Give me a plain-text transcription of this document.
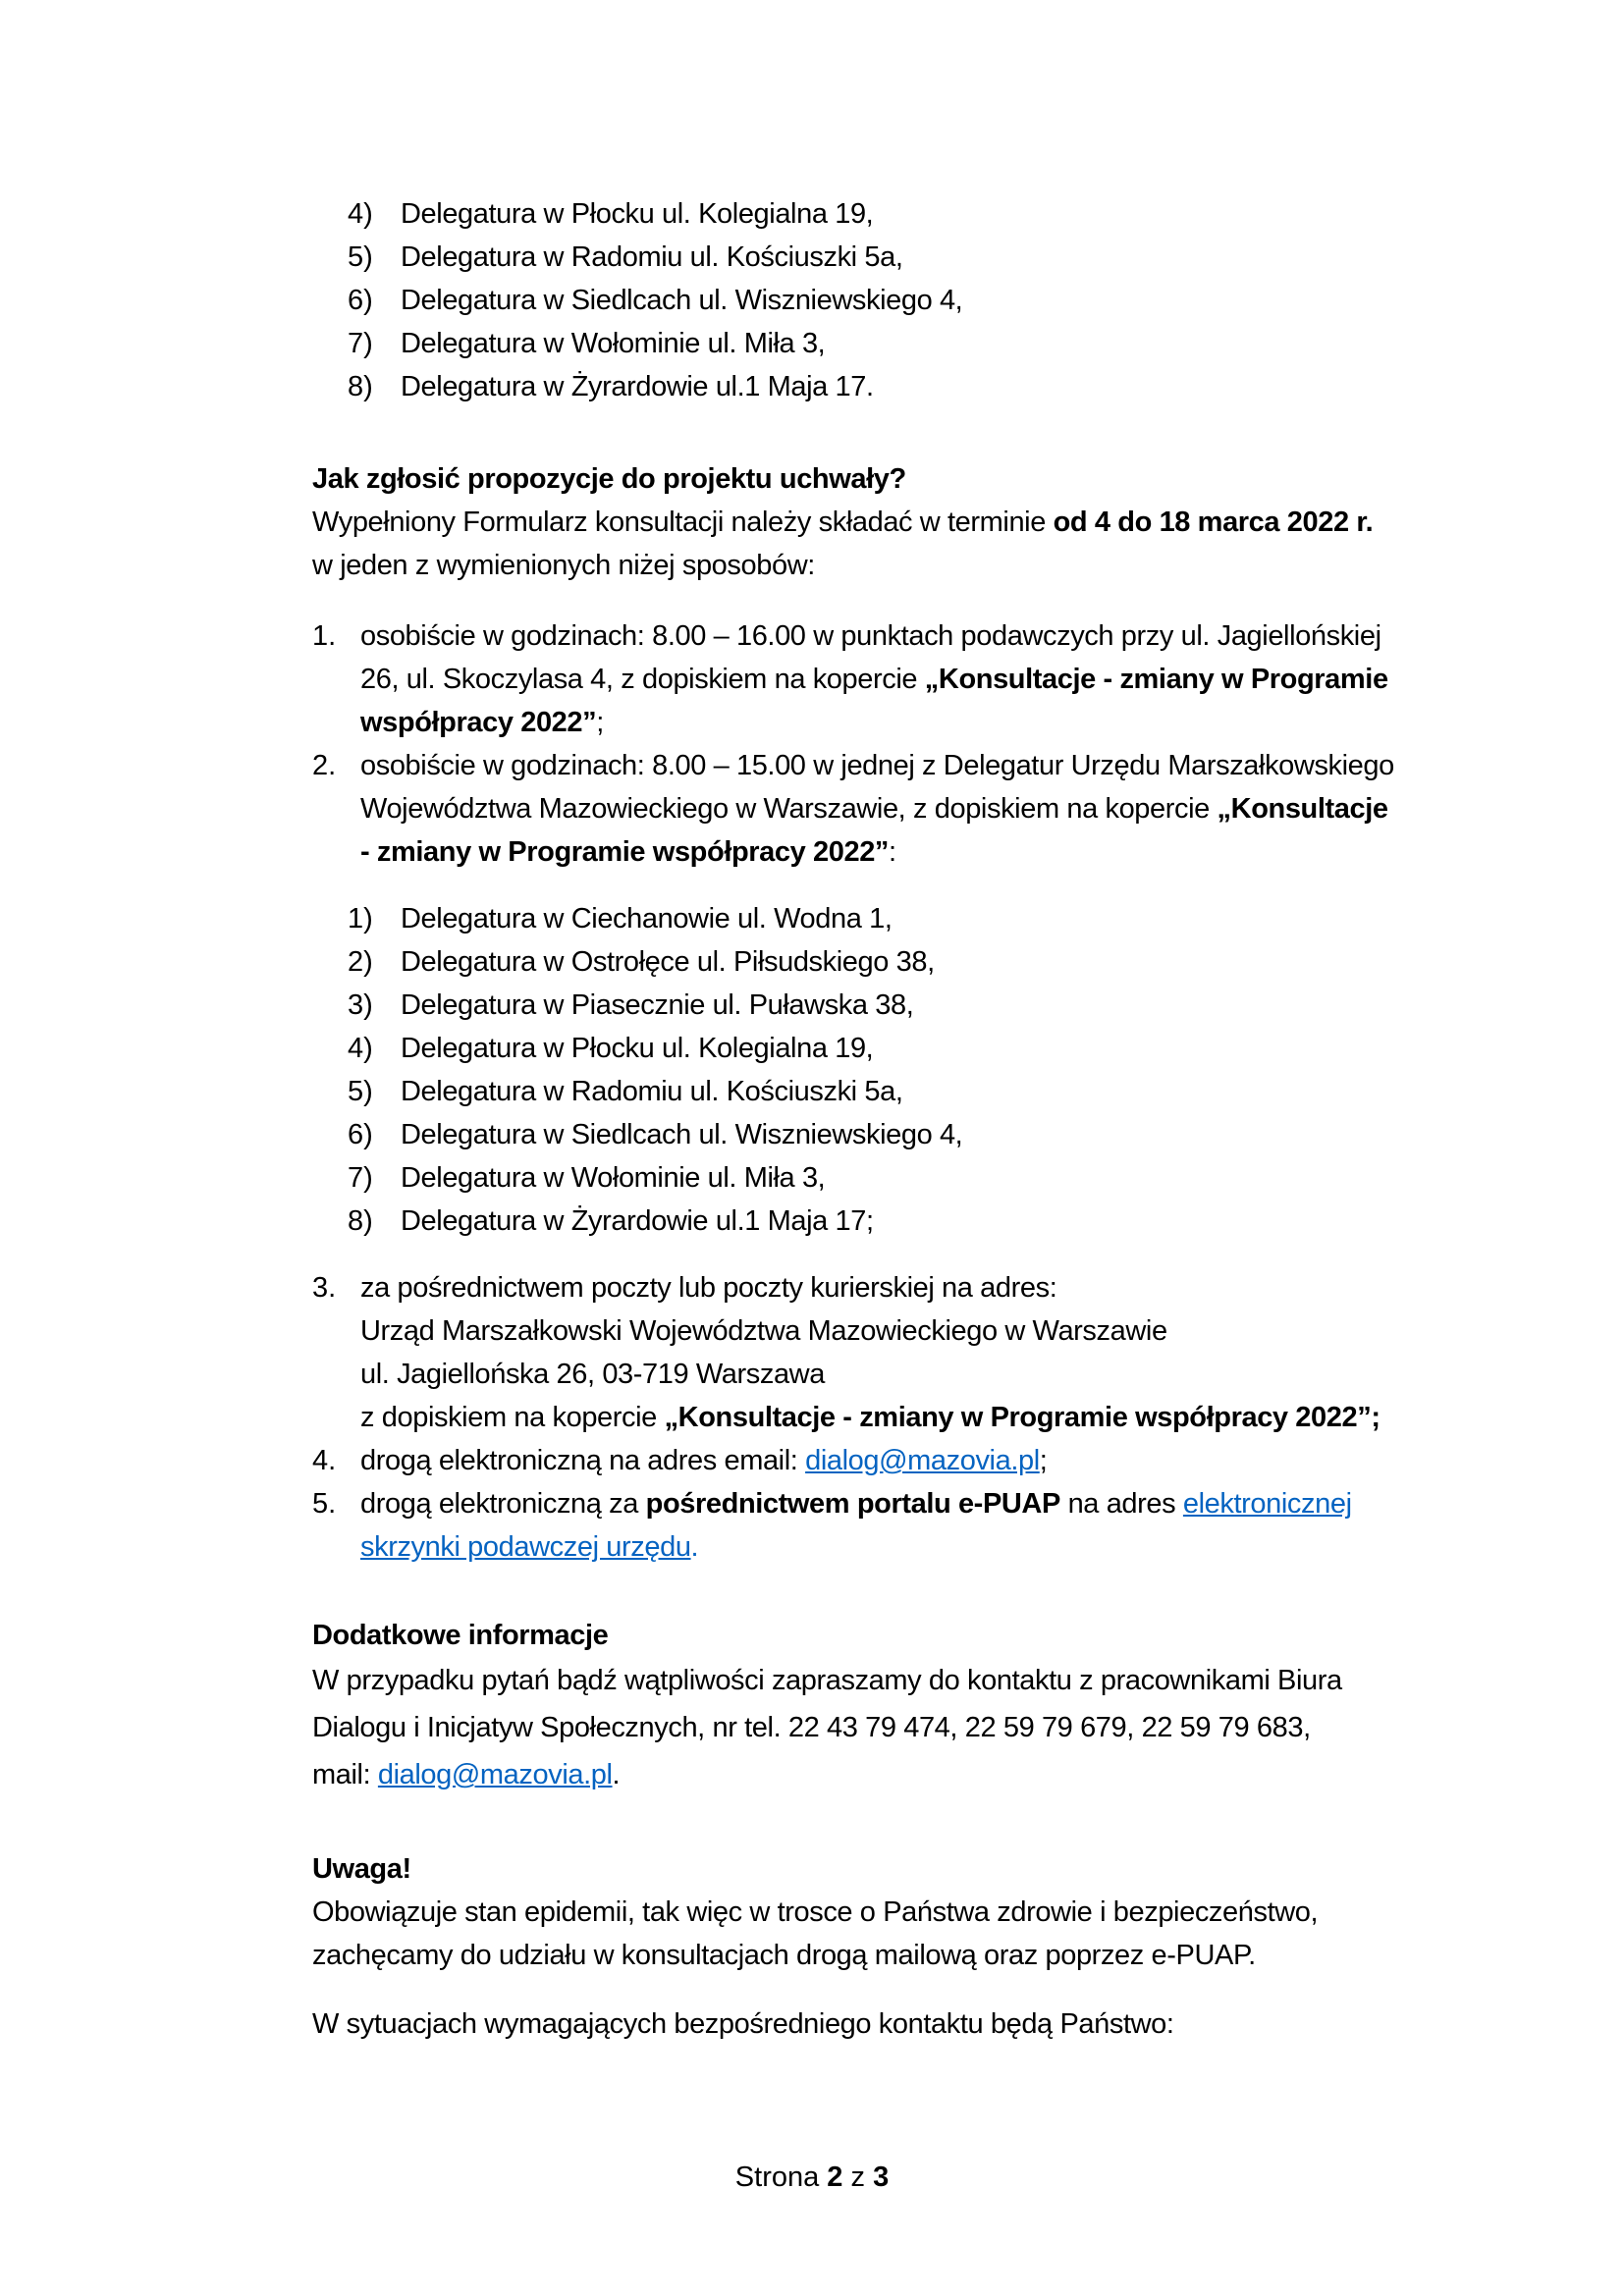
4) Delegatura w Płocku ul. Kolegialna 19,
5) Delegatura w Radomiu ul. Kościuszki 5a,
6) Delegatura w Siedlcach ul. Wiszniewskiego 4,
7) Delegatura w Wołominie ul. Miła 3,
8) Delegatura w Żyrardowie ul.1 Maja 17.
Jak zgłosić propozycje do projektu uchwały?
Wypełniony Formularz konsultacji należy składać w terminie od 4 do 18 marca 2022 r.
w jeden z wymienionych niżej sposobów:
1. osobiście w godzinach: 8.00 – 16.00 w punktach podawczych przy ul. Jagiellońskiej
26, ul. Skoczylasa 4, z dopiskiem na kopercie „Konsultacje - zmiany w Programie
współpracy 2022”;
2. osobiście w godzinach: 8.00 – 15.00 w jednej z Delegatur Urzędu Marszałkowskiego
Województwa Mazowieckiego w Warszawie, z dopiskiem na kopercie „Konsultacje
- zmiany w Programie współpracy 2022”:
1) Delegatura w Ciechanowie ul. Wodna 1,
2) Delegatura w Ostrołęce ul. Piłsudskiego 38,
3) Delegatura w Piasecznie ul. Puławska 38,
4) Delegatura w Płocku ul. Kolegialna 19,
5) Delegatura w Radomiu ul. Kościuszki 5a,
6) Delegatura w Siedlcach ul. Wiszniewskiego 4,
7) Delegatura w Wołominie ul. Miła 3,
8) Delegatura w Żyrardowie ul.1 Maja 17;
3. za pośrednictwem poczty lub poczty kurierskiej na adres:
Urząd Marszałkowski Województwa Mazowieckiego w Warszawie
ul. Jagiellońska 26, 03-719 Warszawa
z dopiskiem na kopercie „Konsultacje - zmiany w Programie współpracy 2022”;
4. drogą elektroniczną na adres email: dialog@mazovia.pl;
5. drogą elektroniczną za pośrednictwem portalu e-PUAP na adres elektronicznej
skrzynki podawczej urzędu.
Dodatkowe informacje
W przypadku pytań bądź wątpliwości zapraszamy do kontaktu z pracownikami Biura
Dialogu i Inicjatyw Społecznych, nr tel. 22 43 79 474, 22 59 79 679, 22 59 79 683,
mail: dialog@mazovia.pl.
Uwaga!
Obowiązuje stan epidemii, tak więc w trosce o Państwa zdrowie i bezpieczeństwo,
zachęcamy do udziału w konsultacjach drogą mailową oraz poprzez e-PUAP.
W sytuacjach wymagających bezpośredniego kontaktu będą Państwo:
Strona 2 z 3
